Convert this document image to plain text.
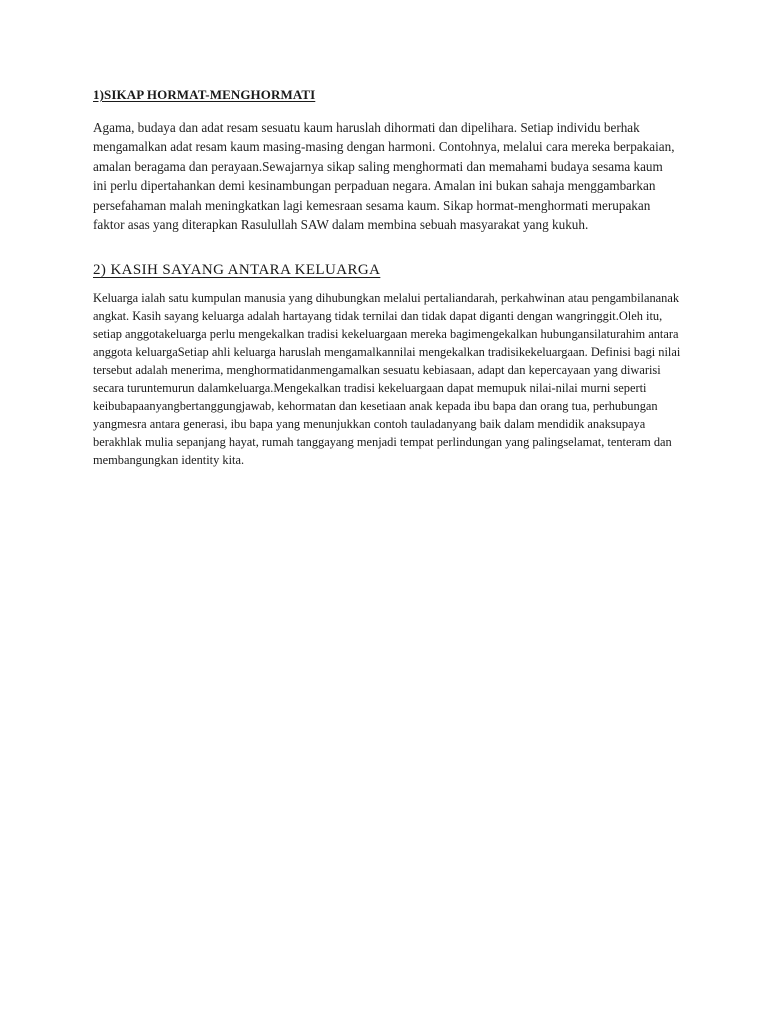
1)SIKAP HORMAT-MENGHORMATI

Agama, budaya dan adat resam sesuatu kaum haruslah dihormati dan dipelihara. Setiap individu berhak mengamalkan adat resam kaum masing-masing dengan harmoni. Contohnya, melalui cara mereka berpakaian, amalan beragama dan perayaan.Sewajarnya sikap saling menghormati dan memahami budaya sesama kaum ini perlu dipertahankan demi kesinambungan perpaduan negara. Amalan ini bukan sahaja menggambarkan persefahaman malah meningkatkan lagi kemesraan sesama kaum. Sikap hormat-menghormati merupakan faktor asas yang diterapkan Rasulullah SAW dalam membina sebuah masyarakat yang kukuh.

2) KASIH SAYANG ANTARA KELUARGA

Keluarga ialah satu kumpulan manusia yang dihubungkan melalui pertaliandarah, perkahwinan atau pengambilananak angkat. Kasih sayang keluarga adalah hartayang tidak ternilai dan tidak dapat diganti dengan wangringgit.Oleh itu, setiap anggotakeluarga perlu mengekalkan tradisi kekeluargaan mereka bagimengekalkan hubungansilaturahim antara anggota keluargaSetiap ahli keluarga haruslah mengamalkannilai mengekalkan tradisikekeluargaan. Definisi bagi nilai tersebut adalah menerima, menghormatidanmengamalkan sesuatu kebiasaan, adapt dan kepercayaan yang diwarisi secara turuntemurun dalamkeluarga.Mengekalkan tradisi kekeluargaan dapat memupuk nilai-nilai murni seperti keibubapaanyangbertanggungjawab, kehormatan dan kesetiaan anak kepada ibu bapa dan orang tua, perhubungan yangmesra antara generasi, ibu bapa yang menunjukkan contoh tauladanyang baik dalam mendidik anaksupaya berakhlak mulia sepanjang hayat, rumah tanggayang menjadi tempat perlindungan yang palingselamat, tenteram dan membangungkan identity kita.
